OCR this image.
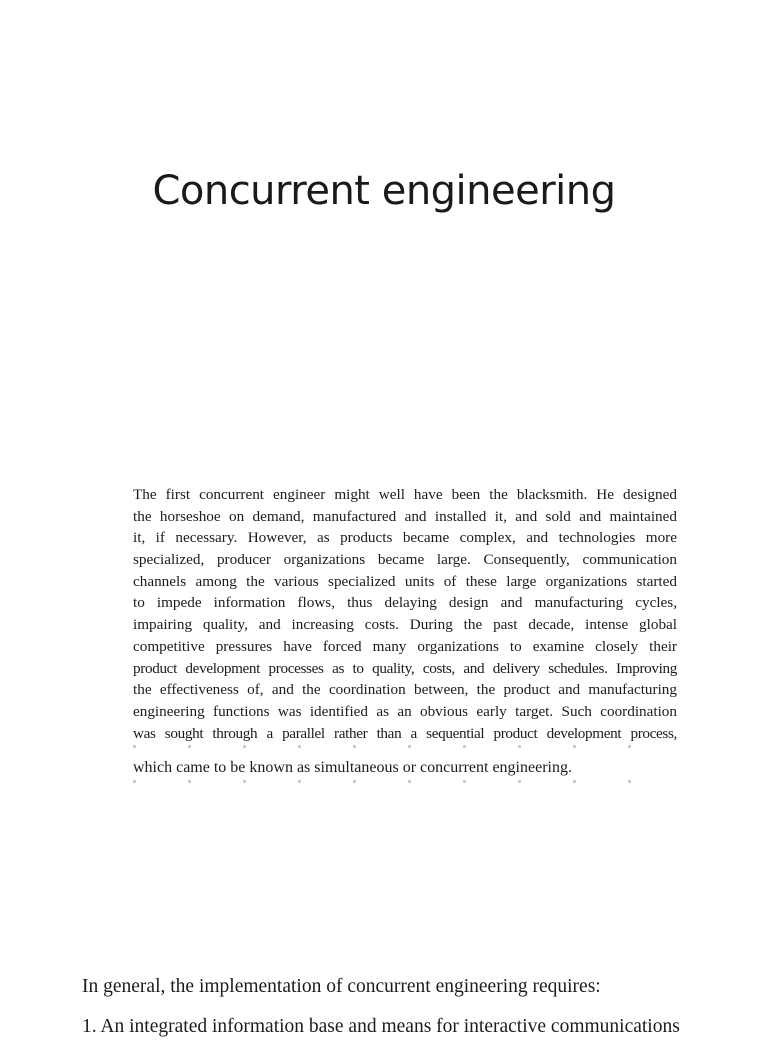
Concurrent engineering
The first concurrent engineer might well have been the blacksmith. He designed
the horseshoe on demand, manufactured and installed it, and sold and maintained
it, if necessary. However, as products became complex, and technologies more
specialized, producer organizations became large. Consequently, communication
channels among the various specialized units of these large organizations started
to impede information flows, thus delaying design and manufacturing cycles,
impairing quality, and increasing costs. During the past decade, intense global
competitive pressures have forced many organizations to examine closely their
product development processes as to quality, costs, and delivery schedules. Improving
the effectiveness of, and the coordination between, the product and manufacturing
engineering functions was identified as an obvious early target. Such coordination
was sought through a parallel rather than a sequential product development process,
which came to be known as simultaneous or concurrent engineering.

In general, the implementation of concurrent engineering requires:

1. An integrated information base and means for interactive communications
